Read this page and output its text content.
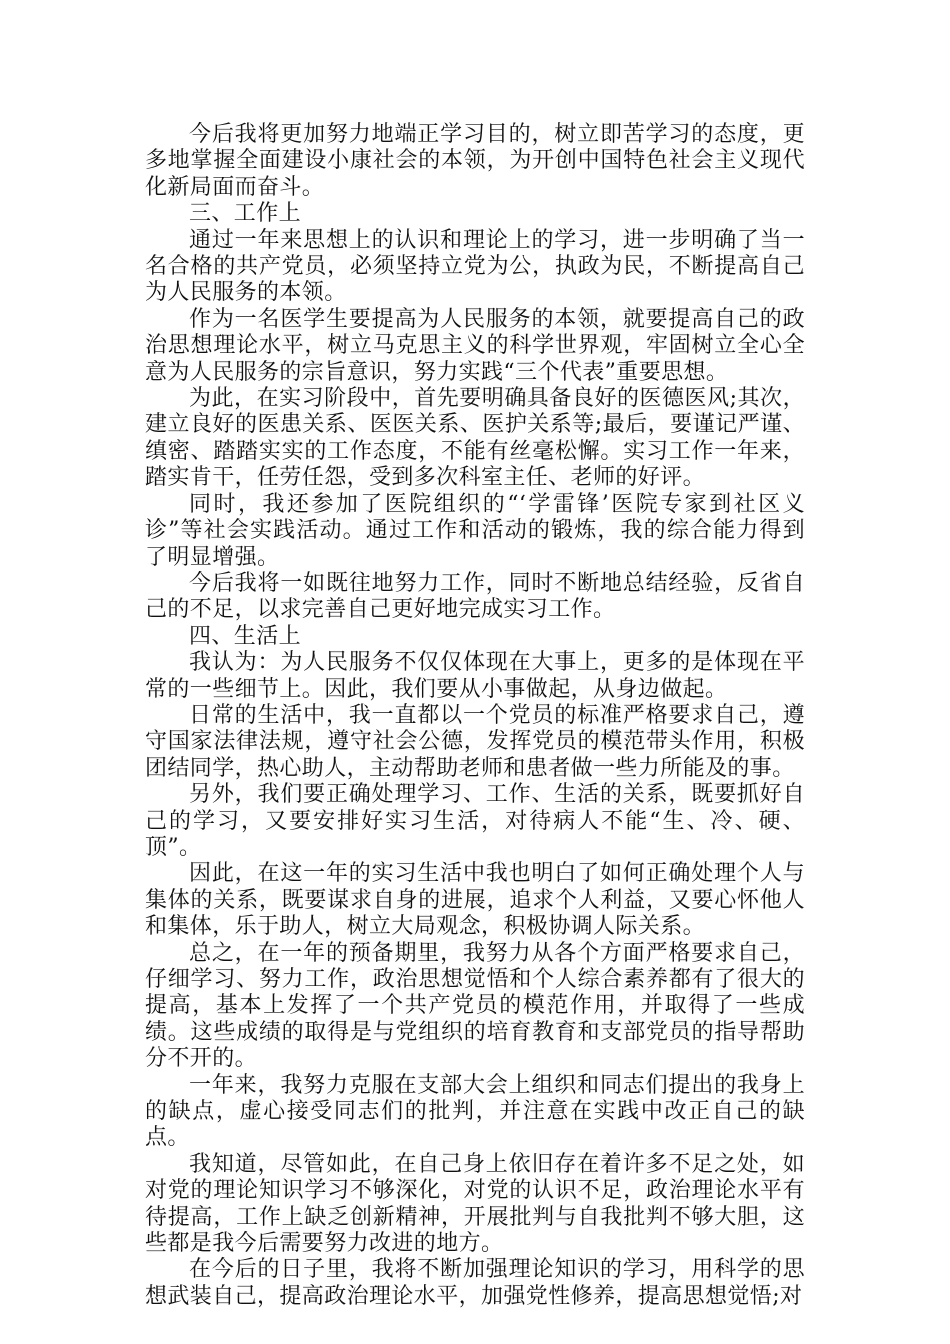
今后我将更加努力地端正学习目的，树立即苦学习的态度，更多地掌握全面建设小康社会的本领，为开创中国特色社会主义现代化新局面而奋斗。

三、工作上

通过一年来思想上的认识和理论上的学习，进一步明确了当一名合格的共产党员，必须坚持立党为公，执政为民，不断提高自己为人民服务的本领。

作为一名医学生要提高为人民服务的本领，就要提高自己的政治思想理论水平，树立马克思主义的科学世界观，牢固树立全心全意为人民服务的宗旨意识，努力实践“三个代表”重要思想。

为此，在实习阶段中，首先要明确具备良好的医德医风;其次，建立良好的医患关系、医医关系、医护关系等;最后，要谨记严谨、缜密、踏踏实实的工作态度，不能有丝毫松懈。实习工作一年来，踏实肯干，任劳任怨，受到多次科室主任、老师的好评。

同时，我还参加了医院组织的“‘学雷锋’医院专家到社区义诊”等社会实践活动。通过工作和活动的锻炼，我的综合能力得到了明显增强。

今后我将一如既往地努力工作，同时不断地总结经验，反省自己的不足，以求完善自己更好地完成实习工作。

四、生活上

我认为：为人民服务不仅仅体现在大事上，更多的是体现在平常的一些细节上。因此，我们要从小事做起，从身边做起。

日常的生活中，我一直都以一个党员的标准严格要求自己，遵守国家法律法规，遵守社会公德，发挥党员的模范带头作用，积极团结同学，热心助人，主动帮助老师和患者做一些力所能及的事。

另外，我们要正确处理学习、工作、生活的关系，既要抓好自己的学习，又要安排好实习生活，对待病人不能“生、冷、硬、顶”。

因此，在这一年的实习生活中我也明白了如何正确处理个人与集体的关系，既要谋求自身的进展，追求个人利益，又要心怀他人和集体，乐于助人，树立大局观念，积极协调人际关系。

总之，在一年的预备期里，我努力从各个方面严格要求自己，仔细学习、努力工作，政治思想觉悟和个人综合素养都有了很大的提高，基本上发挥了一个共产党员的模范作用，并取得了一些成绩。这些成绩的取得是与党组织的培育教育和支部党员的指导帮助分不开的。

一年来，我努力克服在支部大会上组织和同志们提出的我身上的缺点，虚心接受同志们的批判，并注意在实践中改正自己的缺点。

我知道，尽管如此，在自己身上依旧存在着许多不足之处，如对党的理论知识学习不够深化，对党的认识不足，政治理论水平有待提高，工作上缺乏创新精神，开展批判与自我批判不够大胆，这些都是我今后需要努力改进的地方。

在今后的日子里，我将不断加强理论知识的学习，用科学的思想武装自己，提高政治理论水平，加强党性修养，提高思想觉悟;对
